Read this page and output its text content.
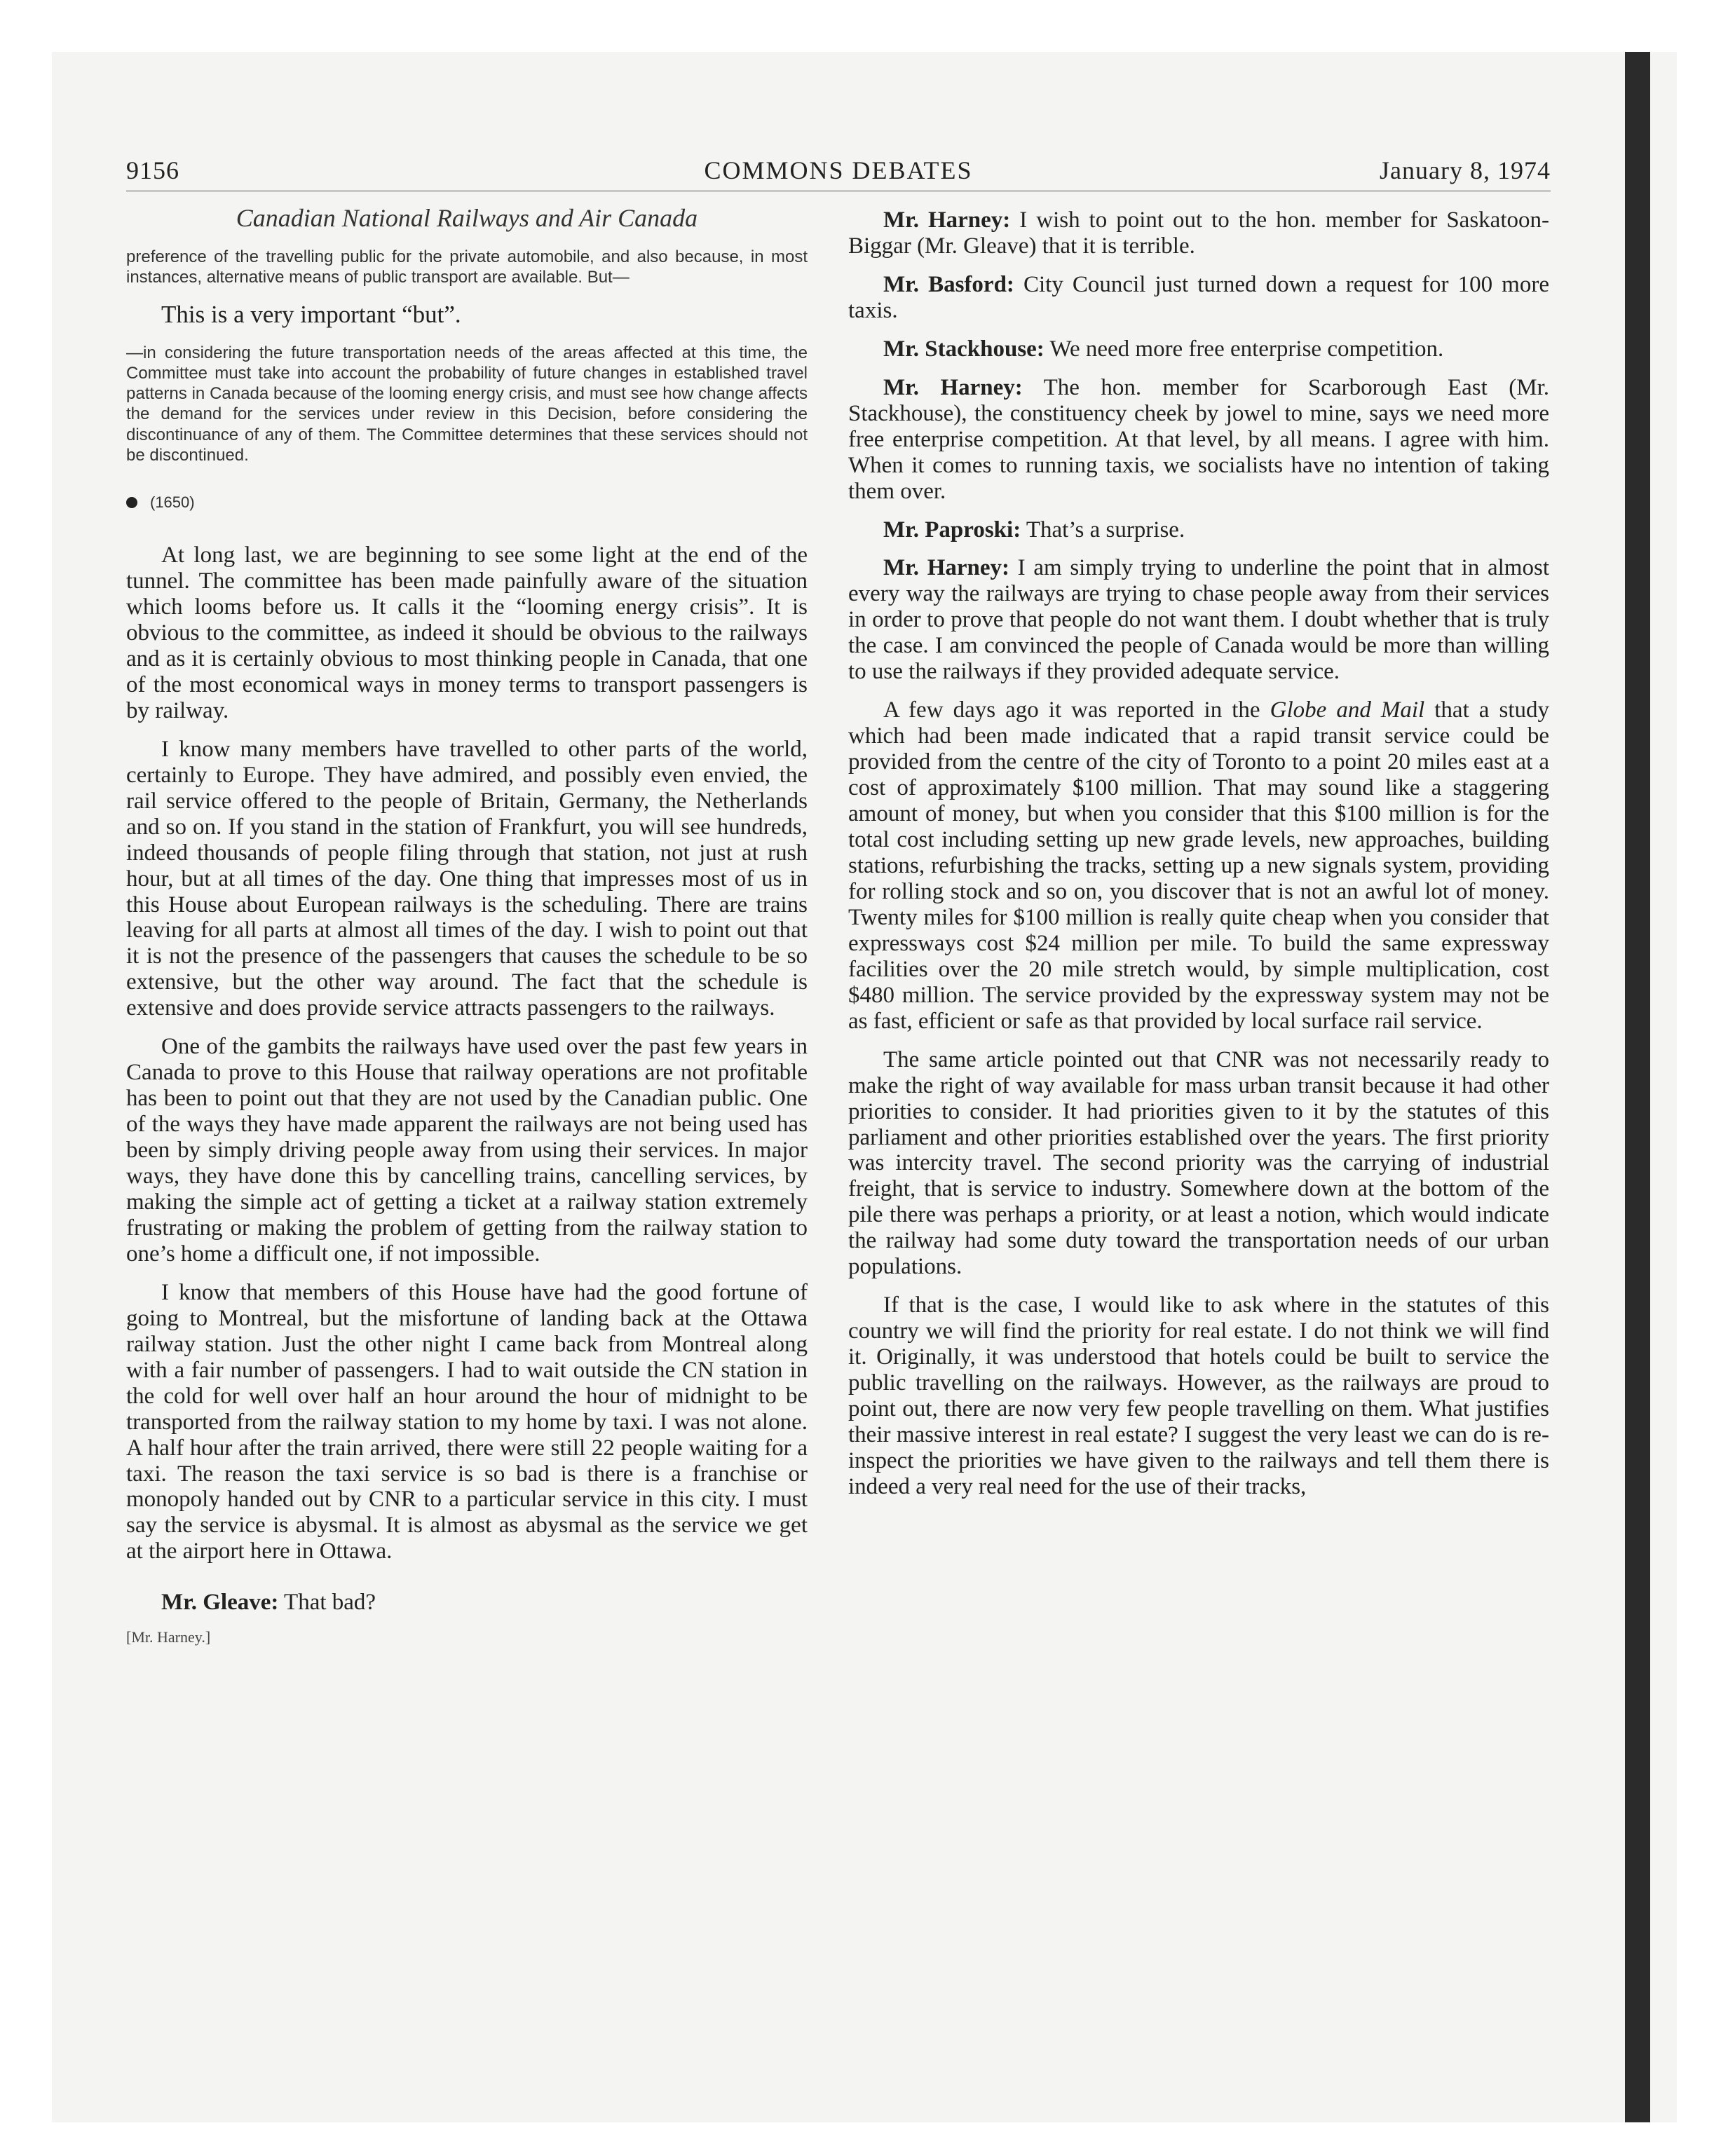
9156	COMMONS DEBATES	January 8, 1974
Canadian National Railways and Air Canada

preference of the travelling public for the private automobile, and also because, in most instances, alternative means of public transport are available. But—

This is a very important “but”.

—in considering the future transportation needs of the areas affected at this time, the Committee must take into account the probability of future changes in established travel patterns in Canada because of the looming energy crisis, and must see how change affects the demand for the services under review in this Decision, before considering the discontinuance of any of them. The Committee determines that these services should not be discontinued.

(1650)

At long last, we are beginning to see some light at the end of the tunnel. The committee has been made painfully aware of the situation which looms before us. It calls it the “looming energy crisis”. It is obvious to the committee, as indeed it should be obvious to the railways and as it is certainly obvious to most thinking people in Canada, that one of the most economical ways in money terms to transport passengers is by railway.

I know many members have travelled to other parts of the world, certainly to Europe. They have admired, and possibly even envied, the rail service offered to the people of Britain, Germany, the Netherlands and so on. If you stand in the station of Frankfurt, you will see hundreds, indeed thousands of people filing through that station, not just at rush hour, but at all times of the day. One thing that impresses most of us in this House about European railways is the scheduling. There are trains leaving for all parts at almost all times of the day. I wish to point out that it is not the presence of the passengers that causes the schedule to be so extensive, but the other way around. The fact that the schedule is extensive and does provide service attracts passengers to the railways.

One of the gambits the railways have used over the past few years in Canada to prove to this House that railway operations are not profitable has been to point out that they are not used by the Canadian public. One of the ways they have made apparent the railways are not being used has been by simply driving people away from using their services. In major ways, they have done this by cancelling trains, cancelling services, by making the simple act of getting a ticket at a railway station extremely frustrating or making the problem of getting from the railway station to one’s home a difficult one, if not impossible.

I know that members of this House have had the good fortune of going to Montreal, but the misfortune of landing back at the Ottawa railway station. Just the other night I came back from Montreal along with a fair number of passengers. I had to wait outside the CN station in the cold for well over half an hour around the hour of midnight to be transported from the railway station to my home by taxi. I was not alone. A half hour after the train arrived, there were still 22 people waiting for a taxi. The reason the taxi service is so bad is there is a franchise or monopoly handed out by CNR to a particular service in this city. I must say the service is abysmal. It is almost as abysmal as the service we get at the airport here in Ottawa.

Mr. Gleave: That bad?

[Mr. Harney.]

Mr. Harney: I wish to point out to the hon. member for Saskatoon-Biggar (Mr. Gleave) that it is terrible.

Mr. Basford: City Council just turned down a request for 100 more taxis.

Mr. Stackhouse: We need more free enterprise competition.

Mr. Harney: The hon. member for Scarborough East (Mr. Stackhouse), the constituency cheek by jowel to mine, says we need more free enterprise competition. At that level, by all means. I agree with him. When it comes to running taxis, we socialists have no intention of taking them over.

Mr. Paproski: That’s a surprise.

Mr. Harney: I am simply trying to underline the point that in almost every way the railways are trying to chase people away from their services in order to prove that people do not want them. I doubt whether that is truly the case. I am convinced the people of Canada would be more than willing to use the railways if they provided adequate service.

A few days ago it was reported in the Globe and Mail that a study which had been made indicated that a rapid transit service could be provided from the centre of the city of Toronto to a point 20 miles east at a cost of approximately $100 million. That may sound like a staggering amount of money, but when you consider that this $100 million is for the total cost including setting up new grade levels, new approaches, building stations, refurbishing the tracks, setting up a new signals system, providing for rolling stock and so on, you discover that is not an awful lot of money. Twenty miles for $100 million is really quite cheap when you consider that expressways cost $24 million per mile. To build the same expressway facilities over the 20 mile stretch would, by simple multiplication, cost $480 million. The service provided by the expressway system may not be as fast, efficient or safe as that provided by local surface rail service.

The same article pointed out that CNR was not necessarily ready to make the right of way available for mass urban transit because it had other priorities to consider. It had priorities given to it by the statutes of this parliament and other priorities established over the years. The first priority was intercity travel. The second priority was the carrying of industrial freight, that is service to industry. Somewhere down at the bottom of the pile there was perhaps a priority, or at least a notion, which would indicate the railway had some duty toward the transportation needs of our urban populations.

If that is the case, I would like to ask where in the statutes of this country we will find the priority for real estate. I do not think we will find it. Originally, it was understood that hotels could be built to service the public travelling on the railways. However, as the railways are proud to point out, there are now very few people travelling on them. What justifies their massive interest in real estate? I suggest the very least we can do is re-inspect the priorities we have given to the railways and tell them there is indeed a very real need for the use of their tracks,
